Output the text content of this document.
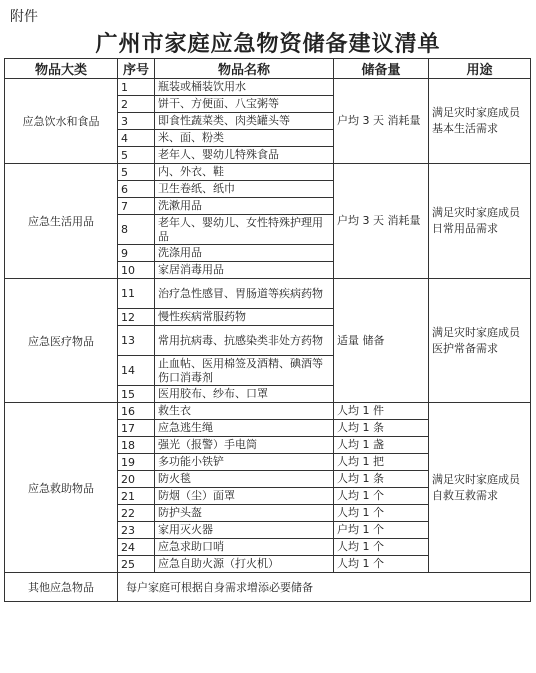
附件
广州市家庭应急物资储备建议清单
物品大类	序号	物品名称	储备量	用途
应急饮水和食品	1	瓶装或桶装饮用水	户均 3 天 消耗量	满足灾时家庭成员基本生活需求
	2	饼干、方便面、八宝粥等		
	3	即食性蔬菜类、肉类罐头等		
	4	米、面、粉类		
	5	老年人、婴幼儿特殊食品		
应急生活用品	5	内、外衣、鞋	户均 3 天 消耗量	满足灾时家庭成员日常用品需求
	6	卫生卷纸、纸巾		
	7	洗漱用品		
	8	老年人、婴幼儿、女性特殊护理用品		
	9	洗涤用品		
	10	家居消毒用品		
应急医疗物品	11	治疗急性感冒、胃肠道等疾病药物	适量 储备	满足灾时家庭成员医护常备需求
	12	慢性疾病常服药物		
	13	常用抗病毒、抗感染类非处方药物		
	14	止血帖、医用棉签及酒精、碘酒等伤口消毒剂		
	15	医用胶布、纱布、口罩		
应急救助物品	16	救生衣	人均 1 件	满足灾时家庭成员自救互救需求
	17	应急逃生绳	人均 1 条	
	18	强光（报警）手电筒	人均 1 盏	
	19	多功能小铁铲	人均 1 把	
	20	防火毯	人均 1 条	
	21	防烟（尘）面罩	人均 1 个	
	22	防护头盔	人均 1 个	
	23	家用灭火器	户均 1 个	
	24	应急求助口哨	人均 1 个	
	25	应急自助火源（打火机）	人均 1 个	
其他应急物品	每户家庭可根据自身需求增添必要储备			
